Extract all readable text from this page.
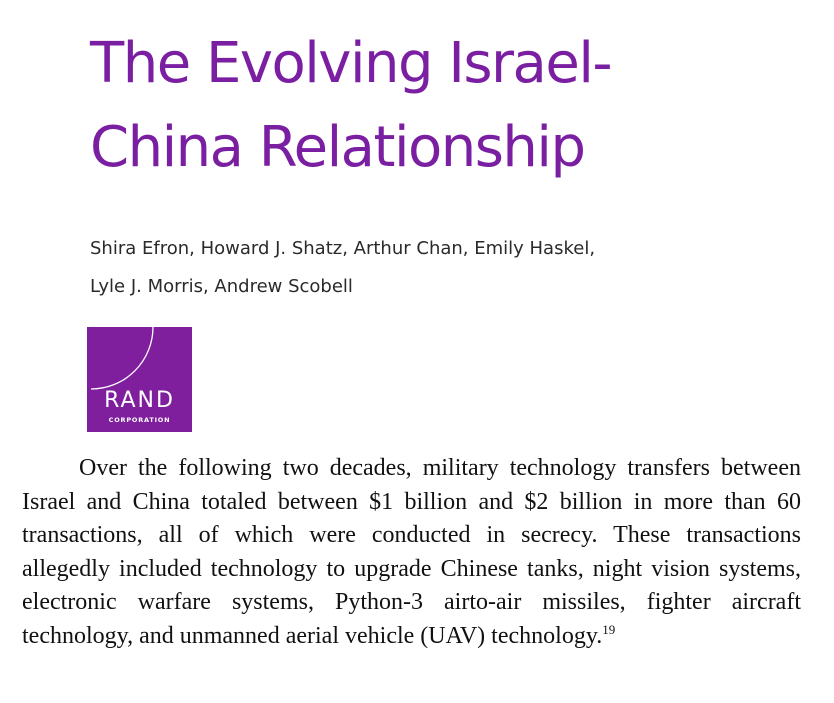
The Evolving Israel-
China Relationship
Shira Efron, Howard J. Shatz, Arthur Chan, Emily Haskel,
Lyle J. Morris, Andrew Scobell
RAND
CORPORATION

Over the following two decades, military technology transfers between Israel and China totaled between $1 billion and $2 billion in more than 60 transactions, all of which were conducted in secrecy. These transactions allegedly included technology to upgrade Chinese tanks, night vision systems, electronic warfare systems, Python-3 airto-air missiles, fighter aircraft technology, and unmanned aerial vehicle (UAV) technology.$^{19}$
